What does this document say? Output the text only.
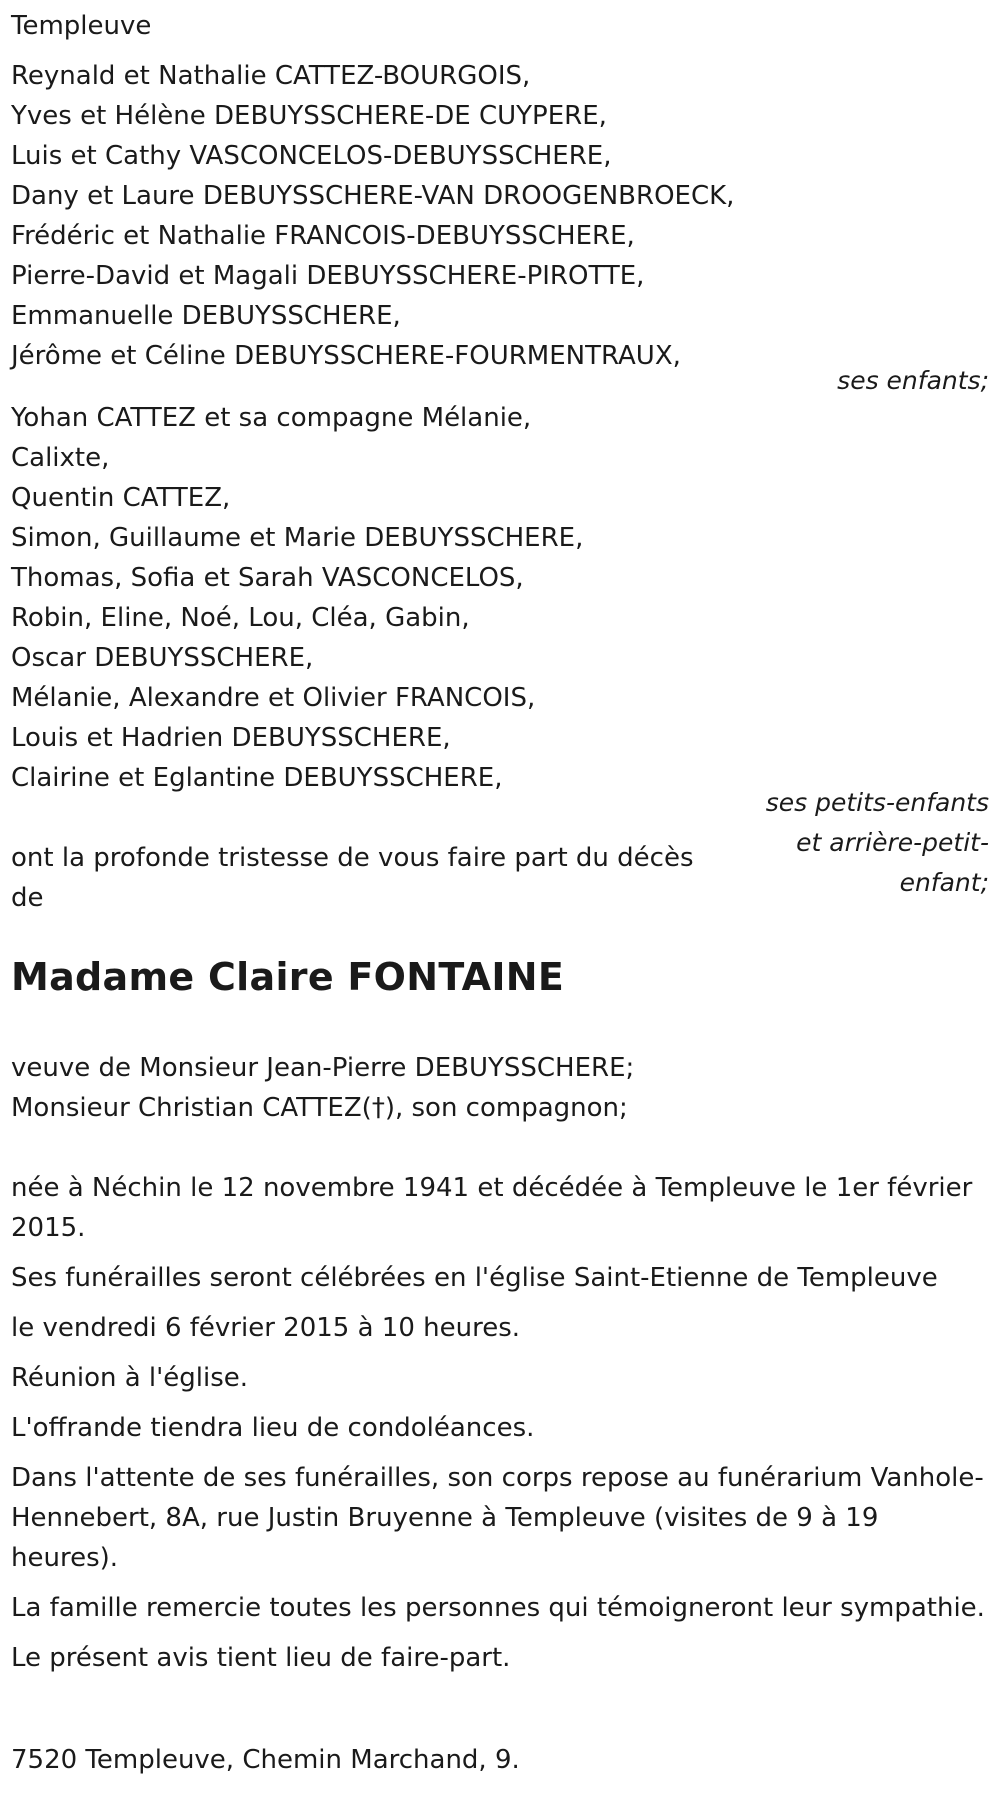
Templeuve
Reynald et Nathalie CATTEZ-BOURGOIS,
Yves et Hélène DEBUYSSCHERE-DE CUYPERE,
Luis et Cathy VASCONCELOS-DEBUYSSCHERE,
Dany et Laure DEBUYSSCHERE-VAN DROOGENBROECK,
Frédéric et Nathalie FRANCOIS-DEBUYSSCHERE,
Pierre-David et Magali DEBUYSSCHERE-PIROTTE,
Emmanuelle DEBUYSSCHERE,
Jérôme et Céline DEBUYSSCHERE-FOURMENTRAUX,
ses enfants;
Yohan CATTEZ et sa compagne Mélanie,
Calixte,
Quentin CATTEZ,
Simon, Guillaume et Marie DEBUYSSCHERE,
Thomas, Sofia et Sarah VASCONCELOS,
Robin, Eline, Noé, Lou, Cléa, Gabin,
Oscar DEBUYSSCHERE,
Mélanie, Alexandre et Olivier FRANCOIS,
Louis et Hadrien DEBUYSSCHERE,
Clairine et Eglantine DEBUYSSCHERE,
ses petits-enfants
et arrière-petit-
enfant;
ont la profonde tristesse de vous faire part du décès de
Madame Claire FONTAINE
veuve de Monsieur Jean-Pierre DEBUYSSCHERE;
Monsieur Christian CATTEZ(†), son compagnon;

née à Néchin le 12 novembre 1941 et décédée à Templeuve le 1er février 2015.

Ses funérailles seront célébrées en l'église Saint-Etienne de Templeuve

le vendredi 6 février 2015 à 10 heures.

Réunion à l'église.

L'offrande tiendra lieu de condoléances.

Dans l'attente de ses funérailles, son corps repose au funérarium Vanhole-Hennebert, 8A, rue Justin Bruyenne à Templeuve (visites de 9 à 19 heures).

La famille remercie toutes les personnes qui témoigneront leur sympathie.

Le présent avis tient lieu de faire-part.

7520 Templeuve, Chemin Marchand, 9.
